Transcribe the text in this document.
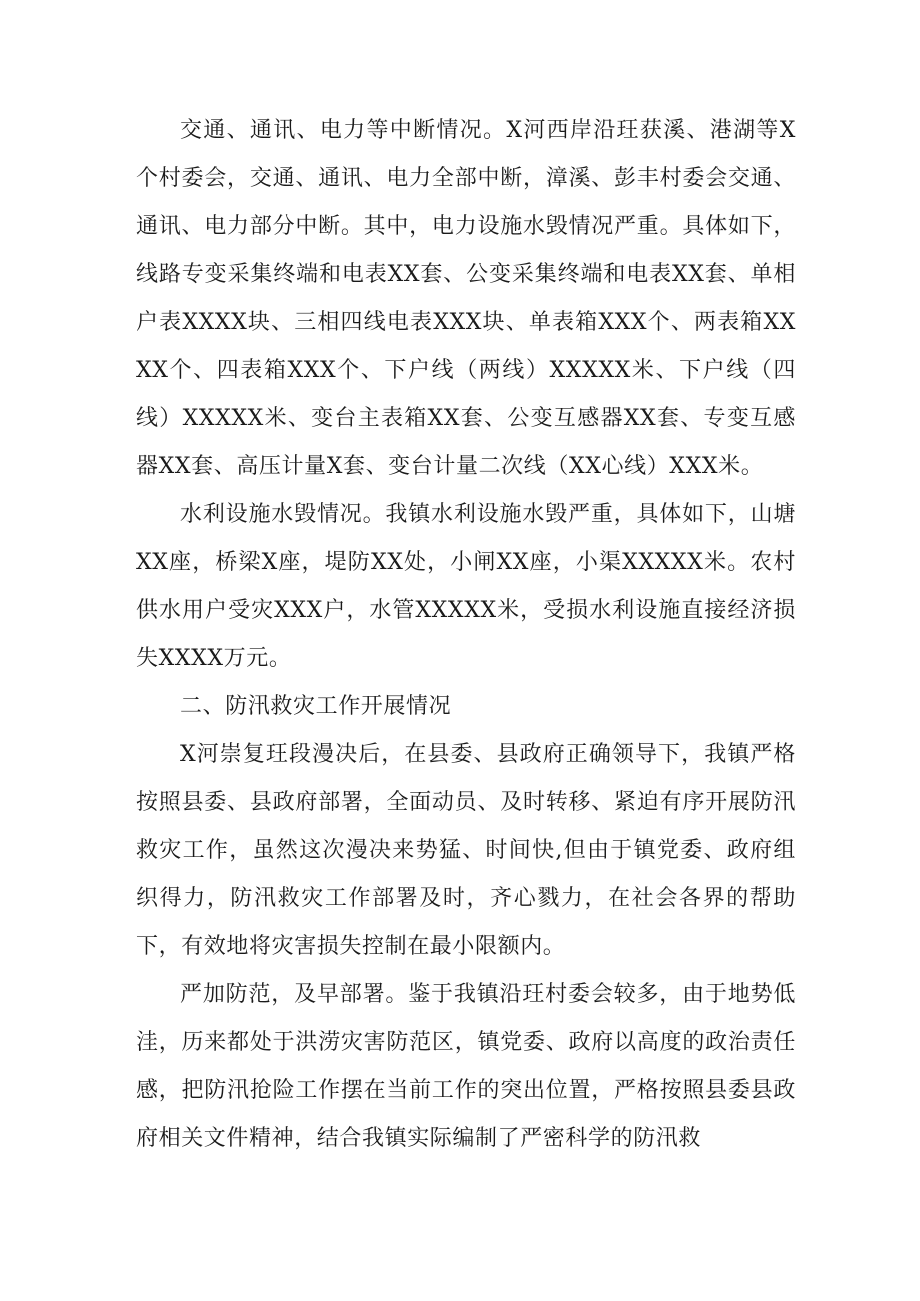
交通、通讯、电力等中断情况。X河西岸沿玨获溪、港湖等X个村委会，交通、通讯、电力全部中断，漳溪、彭丰村委会交通、通讯、电力部分中断。其中，电力设施水毁情况严重。具体如下，线路专变采集终端和电表XX套、公变采集终端和电表XX套、单相户表XXXX块、三相四线电表XXX块、单表箱XXX个、两表箱XXXX个、四表箱XXX个、下户线（两线）XXXXX米、下户线（四线）XXXXX米、变台主表箱XX套、公变互感器XX套、专变互感器XX套、高压计量X套、变台计量二次线（XX心线）XXX米。

水利设施水毁情况。我镇水利设施水毁严重，具体如下，山塘XX座，桥梁X座，堤防XX处，小闸XX座，小渠XXXXX米。农村供水用户受灾XXX户，水管XXXXX米，受损水利设施直接经济损失XXXX万元。

二、防汛救灾工作开展情况

X河崇复玨段漫决后，在县委、县政府正确领导下，我镇严格按照县委、县政府部署，全面动员、及时转移、紧迫有序开展防汛救灾工作，虽然这次漫决来势猛、时间快,但由于镇党委、政府组织得力，防汛救灾工作部署及时，齐心戮力，在社会各界的帮助下，有效地将灾害损失控制在最小限额内。

严加防范，及早部署。鉴于我镇沿玨村委会较多，由于地势低洼，历来都处于洪涝灾害防范区，镇党委、政府以高度的政治责任感，把防汛抢险工作摆在当前工作的突出位置，严格按照县委县政府相关文件精神，结合我镇实际编制了严密科学的防汛救
